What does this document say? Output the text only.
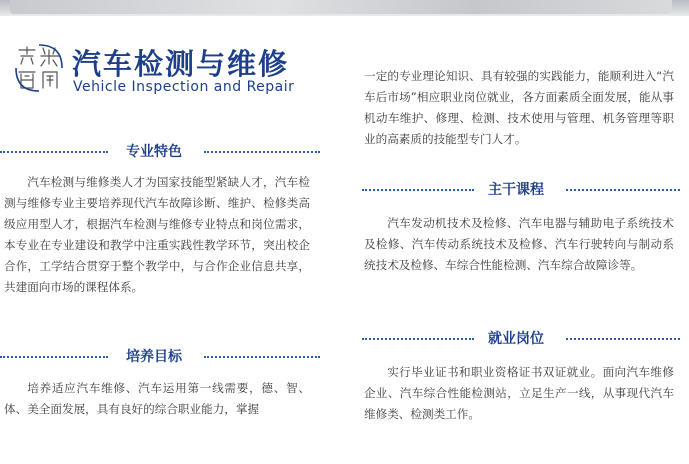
汽车检测与维修
Vehicle Inspection and Repair
专业特色

汽车检测与维修类人才为国家技能型紧缺人才，汽车检测与维修专业主要培养现代汽车故障诊断、维护、检修类高级应用型人才，根据汽车检测与维修专业特点和岗位需求，本专业在专业建设和教学中注重实践性教学环节，突出校企合作，工学结合贯穿于整个教学中，与合作企业信息共享，共建面向市场的课程体系。

培养目标

培养适应汽车维修、汽车运用第一线需要，德、智、体、美全面发展，具有良好的综合职业能力，掌握

一定的专业理论知识、具有较强的实践能力，能顺利进入“汽车后市场”相应职业岗位就业，各方面素质全面发展，能从事机动车维护、修理、检测、技术使用与管理、机务管理等职业的高素质的技能型专门人才。

主干课程

汽车发动机技术及检修、汽车电器与辅助电子系统技术及检修、汽车传动系统技术及检修、汽车行驶转向与制动系统技术及检修、车综合性能检测、汽车综合故障诊等。

就业岗位

实行毕业证书和职业资格证书双证就业。面向汽车维修企业、汽车综合性能检测站，立足生产一线，从事现代汽车维修类、检测类工作。
